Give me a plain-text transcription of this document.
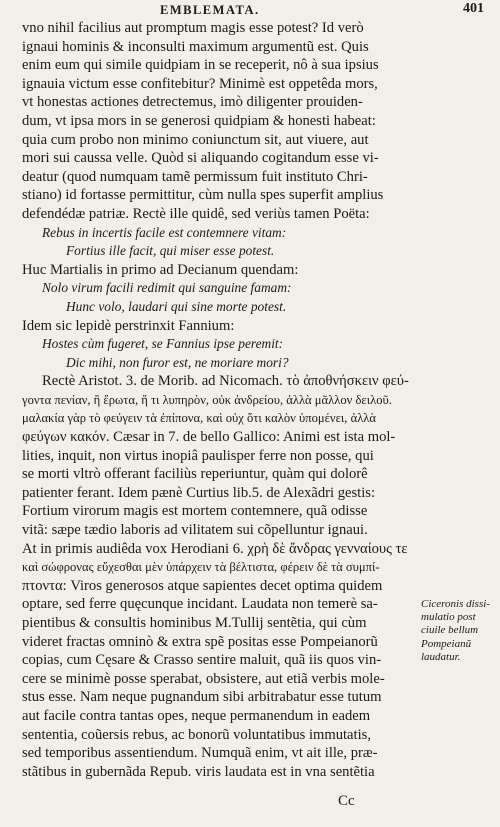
EMBLEMATA.	401
vno nihil facilius aut promptum magis esse potest? Id verò
ignaui hominis & inconsulti maximum argumentũ est. Quis
enim eum qui simile quidpiam in se receperit, nô à sua ipsius
ignauia victum esse confitebitur? Minimè est oppetêda mors,
vt honestas actiones detrectemus, imò diligenter prouiden-
dum, vt ipsa mors in se generosi quidpiam & honesti habeat:
quia cum probo non minimo coniunctum sit, aut viuere, aut
mori sui caussa velle. Quòd si aliquando cogitandum esse vi-
deatur (quod numquam tamẽ permissum fuit instituto Chri-
stiano) id fortasse permittitur, cùm nulla spes superfit amplius
defendédæ patriæ. Rectè ille quidê, sed veriùs tamen Poëta:
Rebus in incertis facile est contemnere vitam:
Fortius ille facit, qui miser esse potest.
Huc Martialis in primo ad Decianum quendam:
Nolo virum facili redimit qui sanguine famam:
Hunc volo, laudari qui sine morte potest.
Idem sic lepidè perstrinxit Fannium:
Hostes cùm fugeret, se Fannius ipse peremit:
Dic mihi, non furor est, ne moriare mori?
Rectè Aristot. 3. de Morib. ad Nicomach. τὸ ἀποθνήσκειν φεύ-
γοντα πενίαν, ἢ ἔρωτα, ἤ τι λυπηρὸν, οὐκ ἀνδρείου, ἀλλὰ μᾶλλον δειλοῦ.
μαλακία γὰρ τὸ φεύγειν τὰ ἐπίπονα, καὶ οὐχ ὅτι καλὸν ὑπομένει, ἀλλὰ
φεύγων κακόν. Cæsar in 7. de bello Gallico: Animi est ista mol-
lities, inquit, non virtus inopiâ paulisper ferre non posse, qui
se morti vltrò offerant faciliùs reperiuntur, quàm qui dolorê
patienter ferant. Idem pænè Curtius lib.5. de Alexãdri gestis:
Fortium virorum magis est mortem contemnere, quã odisse
vitã: sæpe tædio laboris ad vilitatem sui cõpelluntur ignaui.
At in primis audiêda vox Herodiani 6. χρὴ δὲ ἄνδρας γενναίους τε
καὶ σώφρονας εὔχεσθαι μὲν ὑπάρχειν τὰ βέλτιστα, φέρειν δὲ τὰ συμπί-
πτοντα: Viros generosos atque sapientes decet optima quidem
optare, sed ferre quęcunque incidant. Laudata non temerè sa-
pientibus & consultis hominibus M.Tullij sentẽtia, qui cùm
videret fractas omninò & extra spẽ positas esse Pompeianorũ
copias, cum Cęsare & Crasso sentire maluit, quã iis quos vin-
cere se minimè posse sperabat, obsistere, aut etiã verbis mole-
stus esse. Nam neque pugnandum sibi arbitrabatur esse tutum
aut facile contra tantas opes, neque permanendum in eadem
sententia, coũersis rebus, ac bonorũ voluntatibus immutatis,
sed temporibus assentiendum. Numquã enim, vt ait ille, præ-
stãtibus in gubernãda Repub. viris laudata est in vna sentẽtia
Ciceronis dissi-
mulatio post
ciuile bellum
Pompeianũ
laudatur.
Cc
